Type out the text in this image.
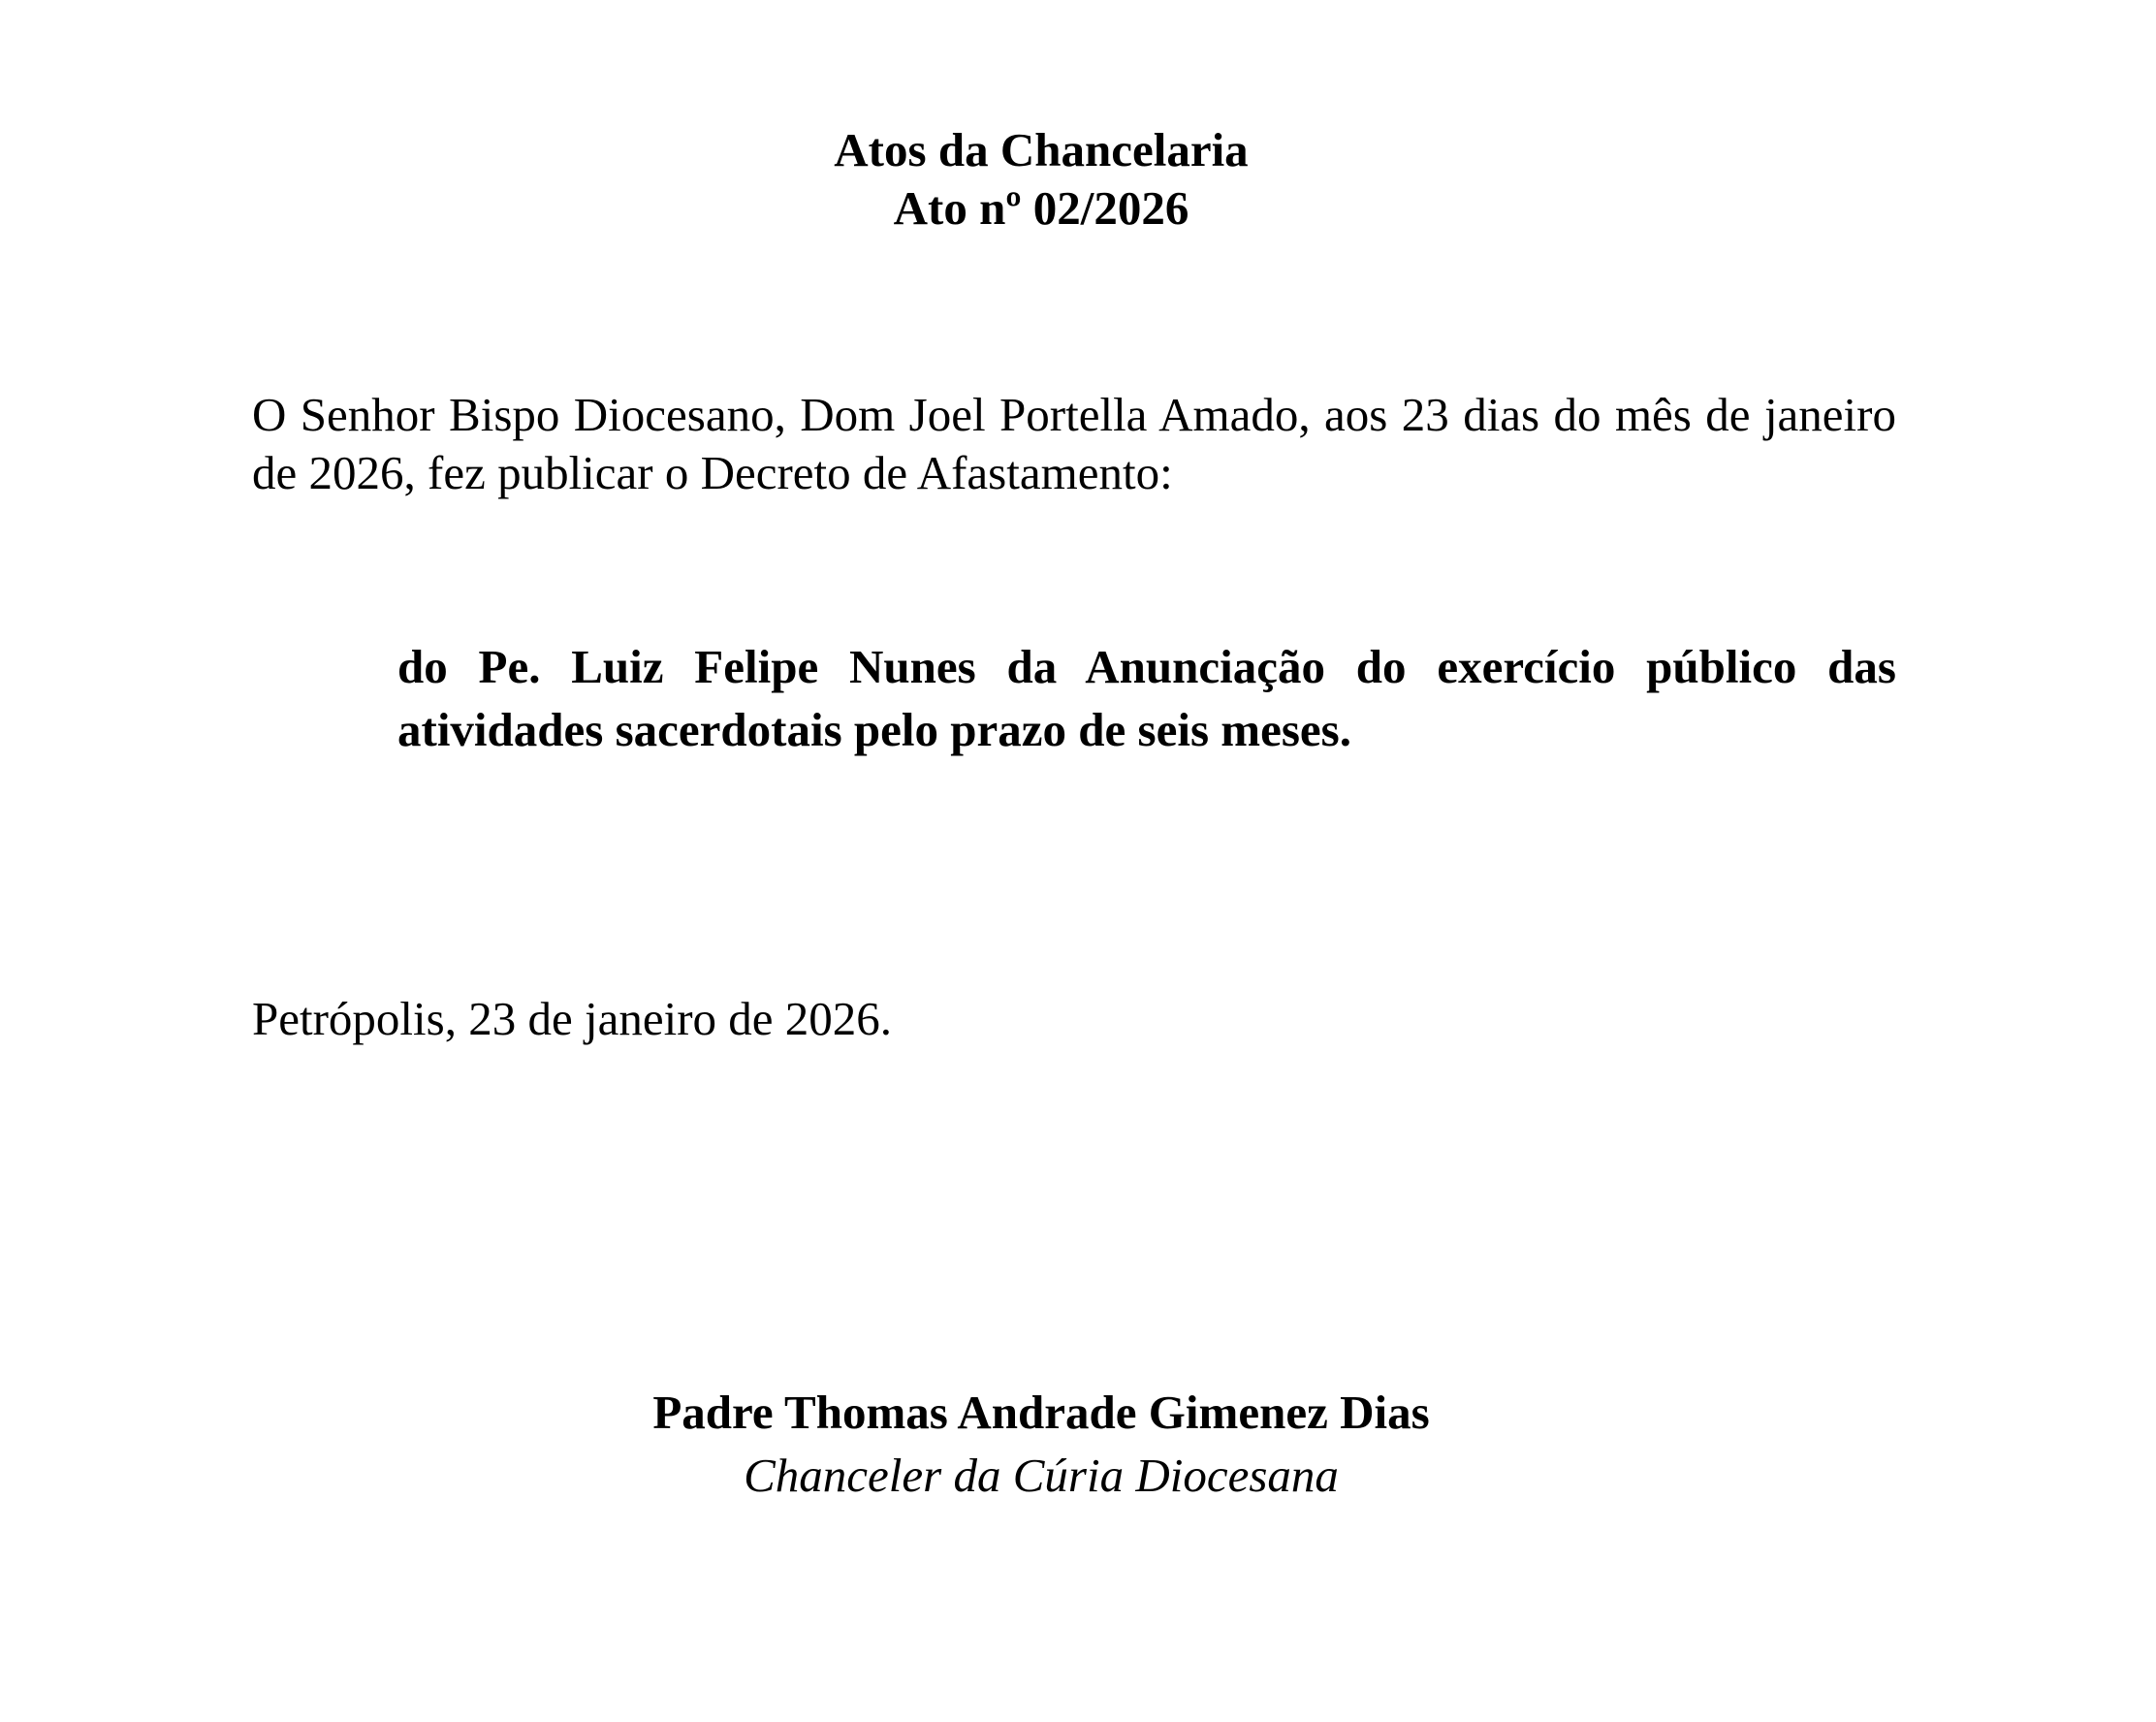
Atos da Chancelaria
Ato nº 02/2026
O Senhor Bispo Diocesano, Dom Joel Portella Amado, aos 23 dias do mês de janeiro
de 2026, fez publicar o Decreto de Afastamento:
do Pe. Luiz Felipe Nunes da Anunciação do exercício público das
atividades sacerdotais pelo prazo de seis meses.
Petrópolis, 23 de janeiro de 2026.
Padre Thomas Andrade Gimenez Dias
Chanceler da Cúria Diocesana
